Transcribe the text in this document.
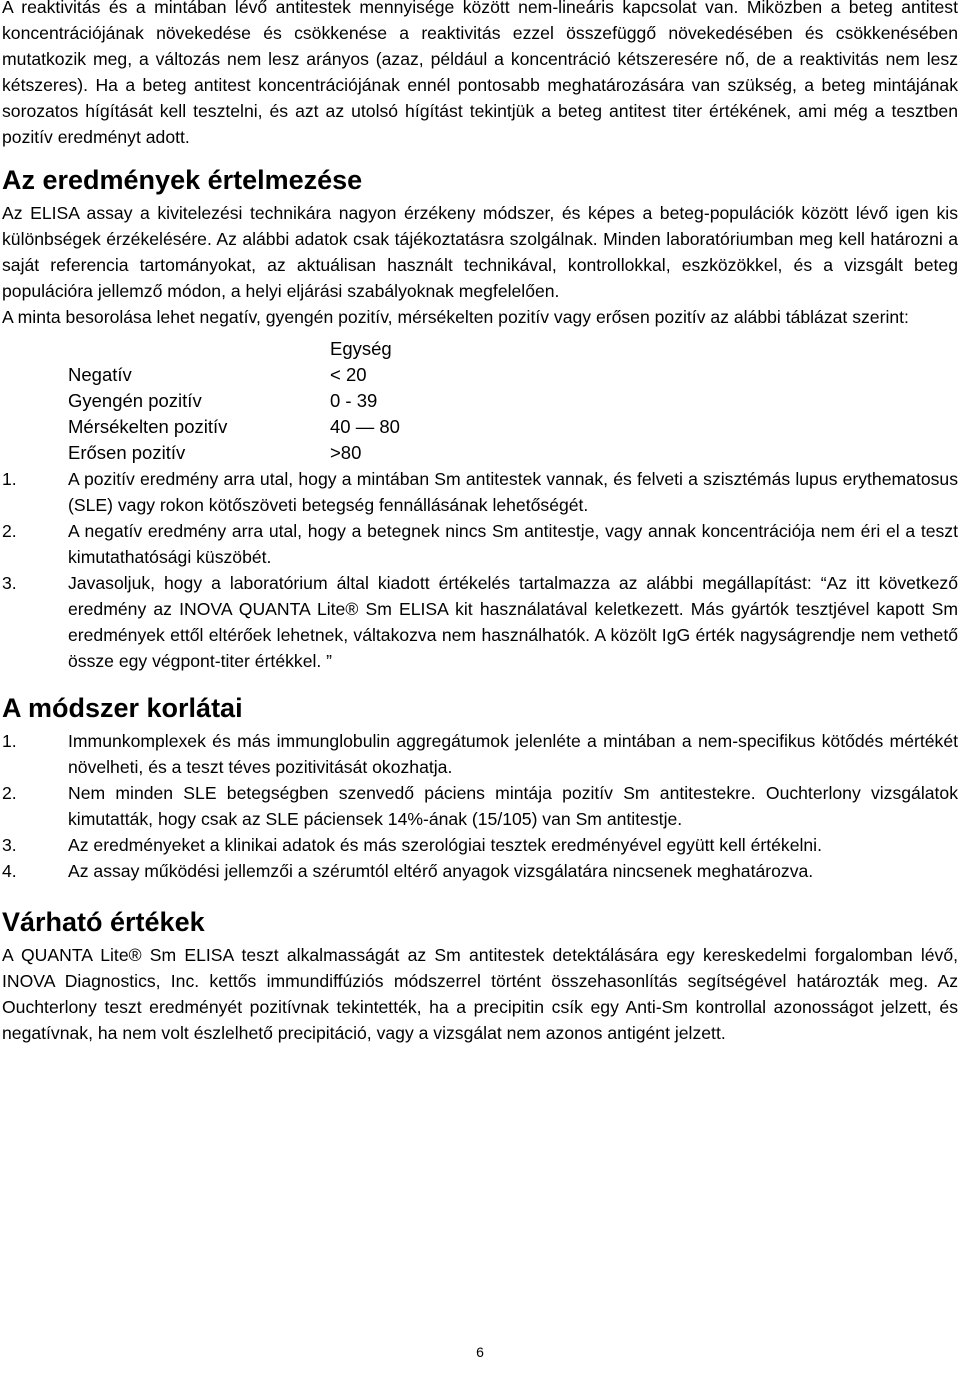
A reaktivitás és a mintában lévő antitestek mennyisége között nem-lineáris kapcsolat van. Miközben a beteg antitest koncentrációjának növekedése és csökkenése a reaktivitás ezzel összefüggő növekedésében és csökkenésében mutatkozik meg, a változás nem lesz arányos (azaz, például a koncentráció kétszeresére nő, de a reaktivitás nem lesz kétszeres). Ha a beteg antitest koncentrációjának ennél pontosabb meghatározására van szükség, a beteg mintájának sorozatos hígítását kell tesztelni, és azt az utolsó hígítást tekintjük a beteg antitest titer értékének, ami még a tesztben pozitív eredményt adott.

Az eredmények értelmezése

Az ELISA assay a kivitelezési technikára nagyon érzékeny módszer, és képes a beteg-populációk között lévő igen kis különbségek érzékelésére. Az alábbi adatok csak tájékoztatásra szolgálnak. Minden laboratóriumban meg kell határozni a saját referencia tartományokat, az aktuálisan használt technikával, kontrollokkal, eszközökkel, és a vizsgált beteg populációra jellemző módon, a helyi eljárási szabályoknak megfelelően.

A minta besorolása lehet negatív, gyengén pozitív, mérsékelten pozitív vagy erősen pozitív az alábbi táblázat szerint:

	Egység
Negatív	< 20
Gyengén pozitív	0 - 39
Mérsékelten pozitív	40 — 80
Erősen pozitív	>80
1.	A pozitív eredmény arra utal, hogy a mintában Sm antitestek vannak, és felveti a szisztémás lupus erythematosus (SLE) vagy rokon kötőszöveti betegség fennállásának lehetőségét.
2.	A negatív eredmény arra utal, hogy a betegnek nincs Sm antitestje, vagy annak koncentrációja nem éri el a teszt kimutathatósági küszöbét.
3.	Javasoljuk, hogy a laboratórium által kiadott értékelés tartalmazza az alábbi megállapítást: “Az itt következő eredmény az INOVA QUANTA Lite® Sm ELISA kit használatával keletkezett. Más gyártók tesztjével kapott Sm eredmények ettől eltérőek lehetnek, váltakozva nem használhatók. A közölt IgG érték nagyságrendje nem vethető össze egy végpont-titer értékkel. ”
A módszer korlátai
1.	Immunkomplexek és más immunglobulin aggregátumok jelenléte a mintában a nem-specifikus kötődés mértékét növelheti, és a teszt téves pozitivitását okozhatja.
2.	Nem minden SLE betegségben szenvedő páciens mintája pozitív Sm antitestekre. Ouchterlony vizsgálatok kimutatták, hogy csak az SLE páciensek 14%-ának (15/105) van Sm antitestje.
3.	Az eredményeket a klinikai adatok és más szerológiai tesztek eredményével együtt kell értékelni.
4.	Az assay működési jellemzői a szérumtól eltérő anyagok vizsgálatára nincsenek meghatározva.
Várható értékek

A QUANTA Lite® Sm ELISA teszt alkalmasságát az Sm antitestek detektálására egy kereskedelmi forgalomban lévő, INOVA Diagnostics, Inc. kettős immundiffúziós módszerrel történt összehasonlítás segítségével határozták meg. Az Ouchterlony teszt eredményét pozitívnak tekintették, ha a precipitin csík egy Anti-Sm kontrollal azonosságot jelzett, és negatívnak, ha nem volt észlelhető precipitáció, vagy a vizsgálat nem azonos antigént jelzett.

6
